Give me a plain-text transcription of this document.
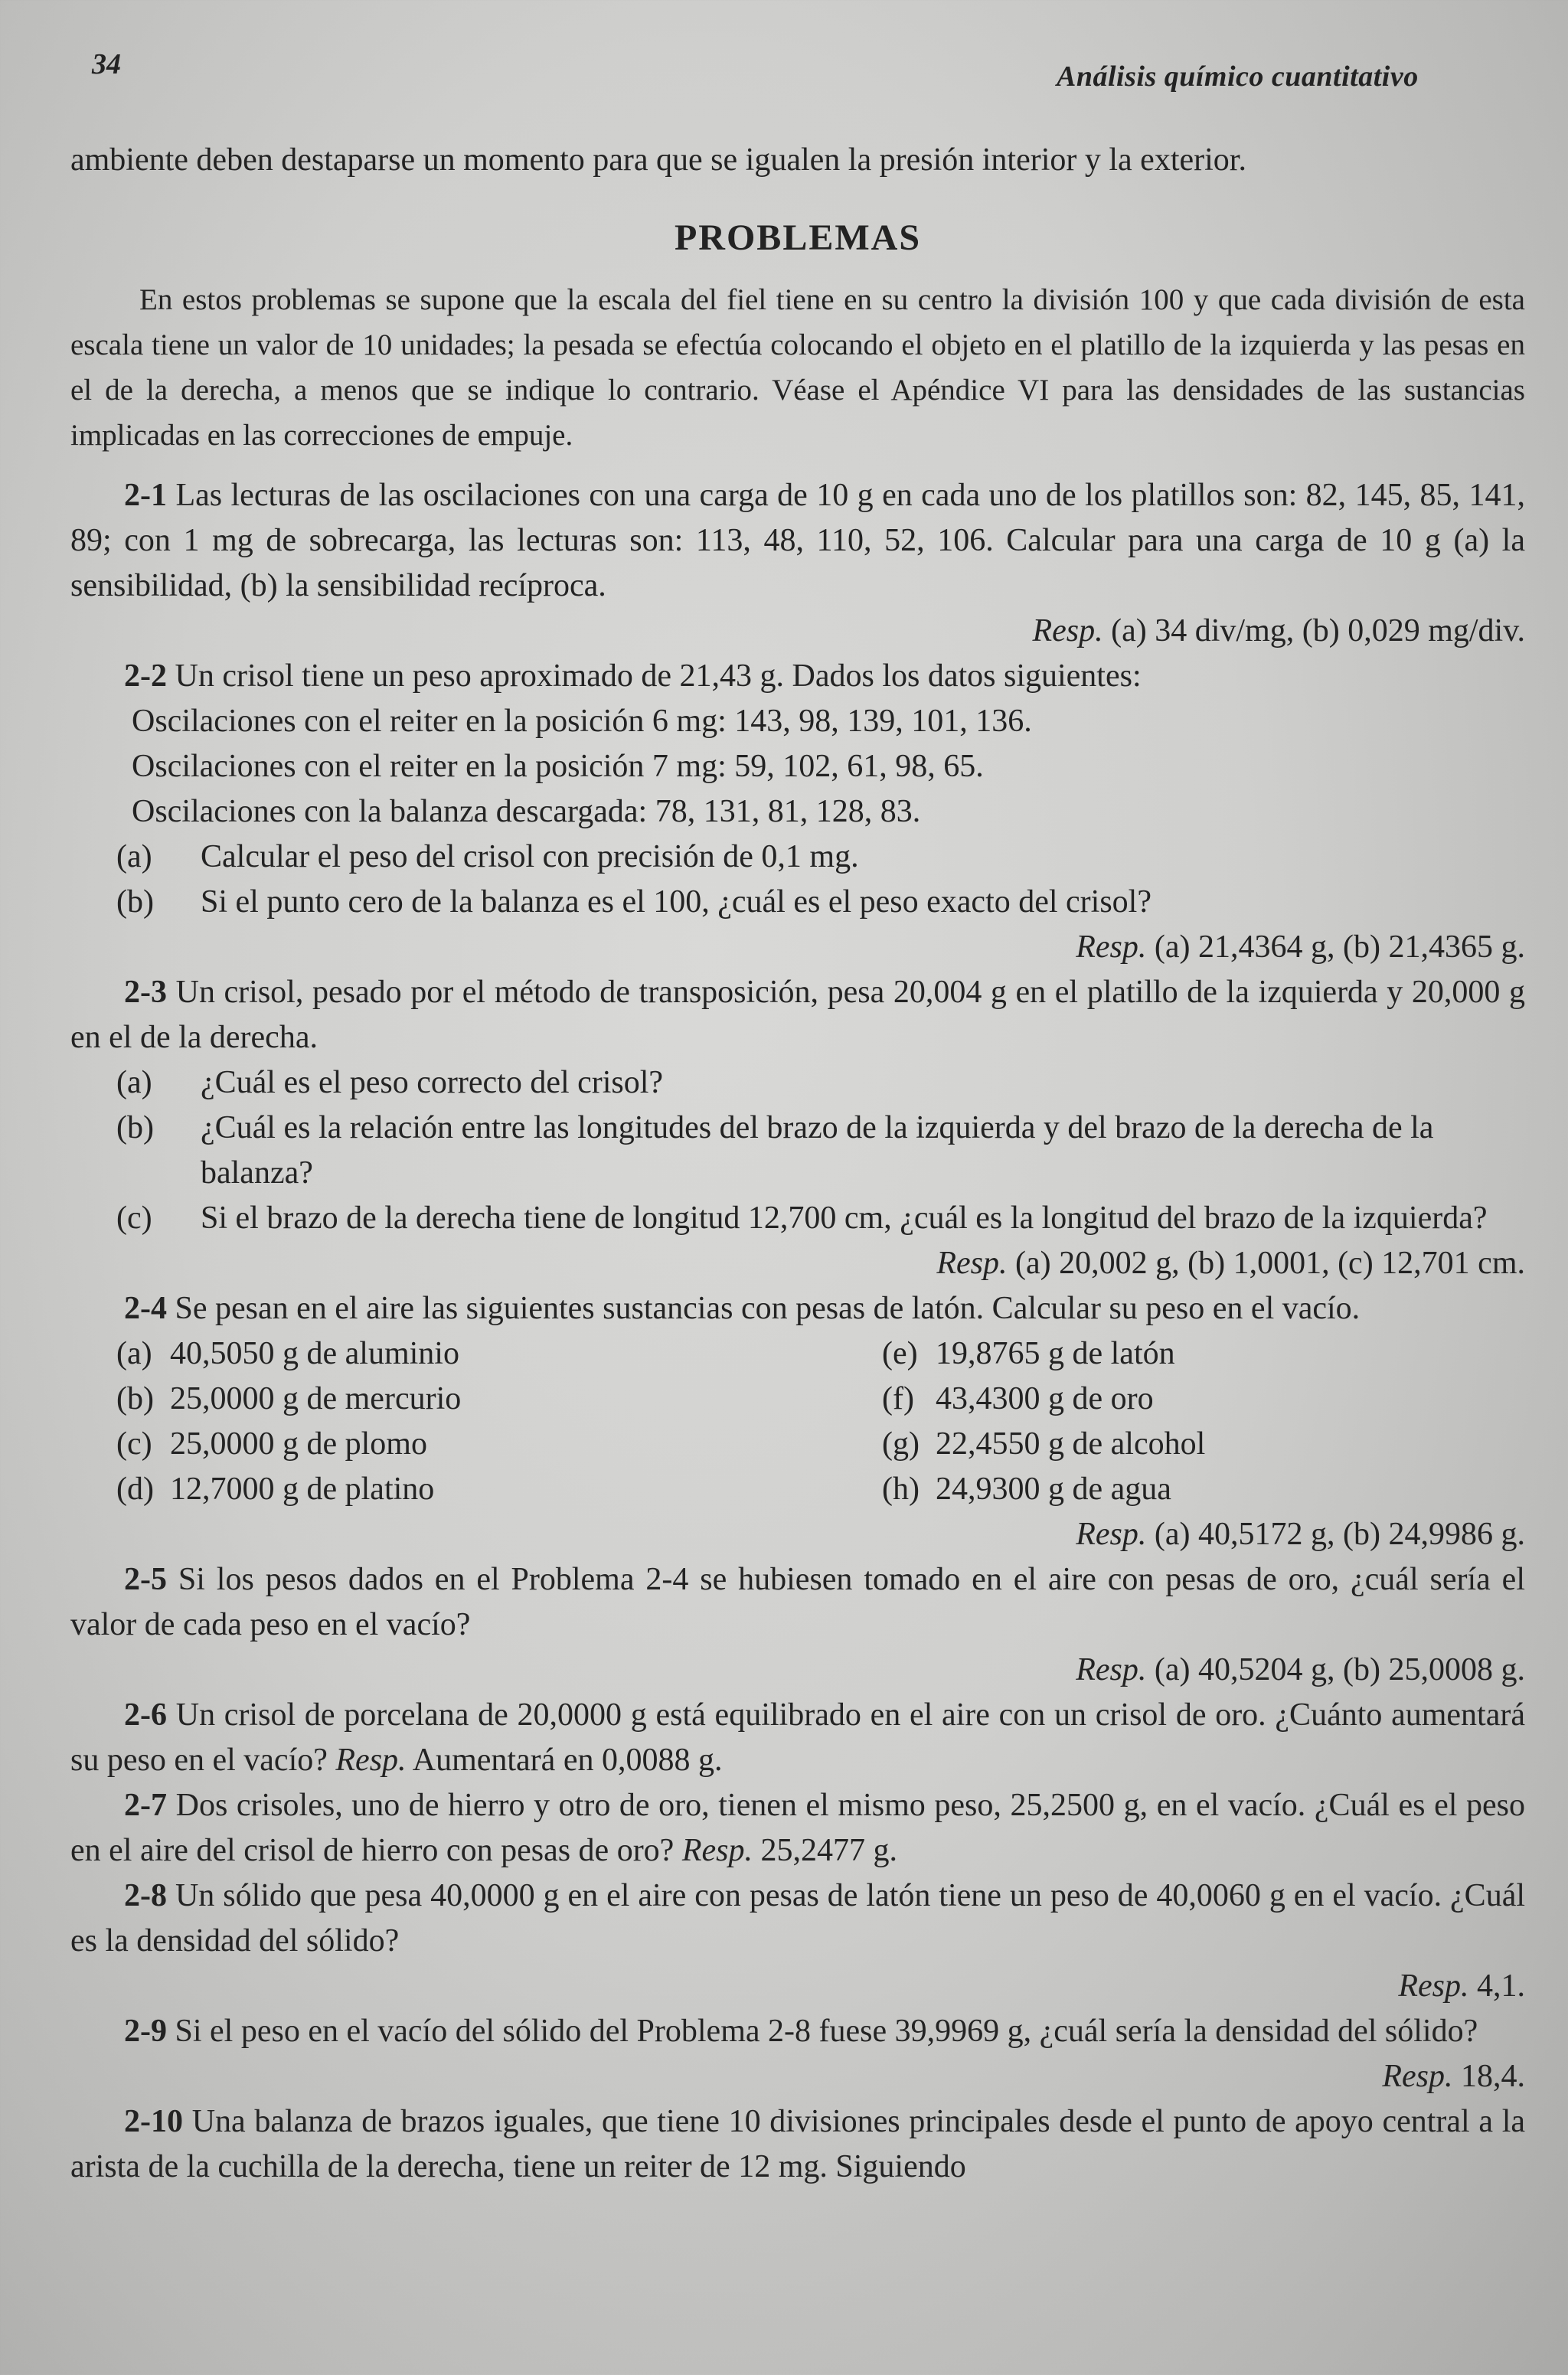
34	Análisis químico cuantitativo

ambiente deben destaparse un momento para que se igualen la presión interior y la exterior.

PROBLEMAS

En estos problemas se supone que la escala del fiel tiene en su centro la división 100 y que cada división de esta escala tiene un valor de 10 unidades; la pesada se efectúa colocando el objeto en el platillo de la izquierda y las pesas en el de la derecha, a menos que se indique lo contrario. Véase el Apéndice VI para las densidades de las sustancias implicadas en las correcciones de empuje.

2-1 Las lecturas de las oscilaciones con una carga de 10 g en cada uno de los platillos son: 82, 145, 85, 141, 89; con 1 mg de sobrecarga, las lecturas son: 113, 48, 110, 52, 106. Calcular para una carga de 10 g (a) la sensibilidad, (b) la sensibilidad recíproca.

Resp. (a) 34 div/mg, (b) 0,029 mg/div.

2-2 Un crisol tiene un peso aproximado de 21,43 g. Dados los datos siguientes:

Oscilaciones con el reiter en la posición 6 mg: 143, 98, 139, 101, 136.

Oscilaciones con el reiter en la posición 7 mg: 59, 102, 61, 98, 65.

Oscilaciones con la balanza descargada: 78, 131, 81, 128, 83.

(a)	Calcular el peso del crisol con precisión de 0,1 mg.
(b)	Si el punto cero de la balanza es el 100, ¿cuál es el peso exacto del crisol?

Resp. (a) 21,4364 g, (b) 21,4365 g.

2-3 Un crisol, pesado por el método de transposición, pesa 20,004 g en el platillo de la izquierda y 20,000 g en el de la derecha.

(a)	¿Cuál es el peso correcto del crisol?
(b)	¿Cuál es la relación entre las longitudes del brazo de la izquierda y del brazo de la derecha de la balanza?
(c)	Si el brazo de la derecha tiene de longitud 12,700 cm, ¿cuál es la longitud del brazo de la izquierda?

Resp. (a) 20,002 g, (b) 1,0001, (c) 12,701 cm.

2-4 Se pesan en el aire las siguientes sustancias con pesas de latón. Calcular su peso en el vacío.

(a) 40,5050 g de aluminio	(e) 19,8765 g de latón
(b) 25,0000 g de mercurio	(f) 43,4300 g de oro
(c) 25,0000 g de plomo	(g) 22,4550 g de alcohol
(d) 12,7000 g de platino	(h) 24,9300 g de agua

Resp. (a) 40,5172 g, (b) 24,9986 g.

2-5 Si los pesos dados en el Problema 2-4 se hubiesen tomado en el aire con pesas de oro, ¿cuál sería el valor de cada peso en el vacío?

Resp. (a) 40,5204 g, (b) 25,0008 g.

2-6 Un crisol de porcelana de 20,0000 g está equilibrado en el aire con un crisol de oro. ¿Cuánto aumentará su peso en el vacío? Resp. Aumentará en 0,0088 g.

2-7 Dos crisoles, uno de hierro y otro de oro, tienen el mismo peso, 25,2500 g, en el vacío. ¿Cuál es el peso en el aire del crisol de hierro con pesas de oro? Resp. 25,2477 g.

2-8 Un sólido que pesa 40,0000 g en el aire con pesas de latón tiene un peso de 40,0060 g en el vacío. ¿Cuál es la densidad del sólido?

Resp. 4,1.

2-9 Si el peso en el vacío del sólido del Problema 2-8 fuese 39,9969 g, ¿cuál sería la densidad del sólido?

Resp. 18,4.

2-10 Una balanza de brazos iguales, que tiene 10 divisiones principales desde el punto de apoyo central a la arista de la cuchilla de la derecha, tiene un reiter de 12 mg. Siguiendo
